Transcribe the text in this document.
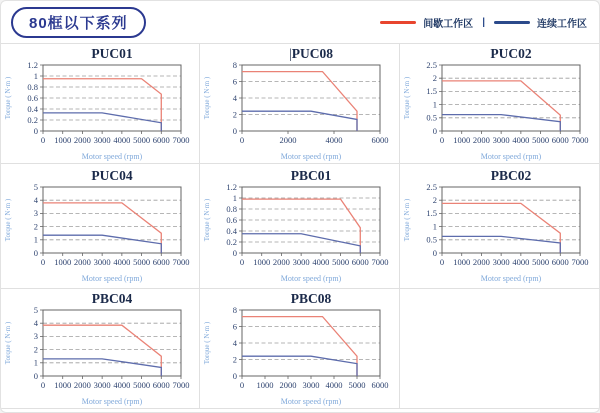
80框以下系列	间歇工作区 |	连续工作区
0
0.2
0.4
0.6
0.8
1
1.2
0 1000 2000 3000 4000 5000 6000 7000
PUC01
Torque ( N·m )
Motor speed (rpm)
0
2
4
6
8
0	2000	4000	6000
|PUC08
Torque ( N·m )
Motor speed (rpm)
0
0.5
1
1.5
2
2.5
0 1000 2000 3000 4000 5000 6000 7000
PUC02
Torque ( N·m )
Motor speed (rpm)
0
1
2
3
4
5
0 1000 2000 3000 4000 5000 6000 7000
PUC04
Torque ( N·m )
Motor speed (rpm)
0
0.2
0.4
0.6
0.8
1
1.2
0 1000 2000 3000 4000 5000 6000 7000
PBC01
Torque ( N·m )
Motor speed (rpm)
0
0.5
1
1.5
2
2.5
0 1000 2000 3000 4000 5000 6000 7000
PBC02
Torque ( N·m )
Motor speed (rpm)
0
1
2
3
4
5
0 1000 2000 3000 4000 5000 6000 7000
PBC04
Torque ( N·m )
Motor speed (rpm)
0
2
4
6
8
0 1000 2000 3000 4000 5000 6000
PBC08
Torque ( N·m )
Motor speed (rpm)
